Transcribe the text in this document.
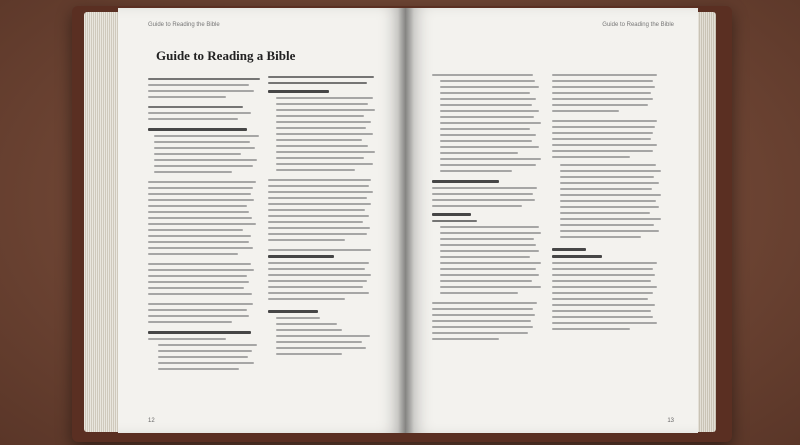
Guide to Reading the Bible
Guide to Reading a Bible
12
Guide to Reading the Bible
13
